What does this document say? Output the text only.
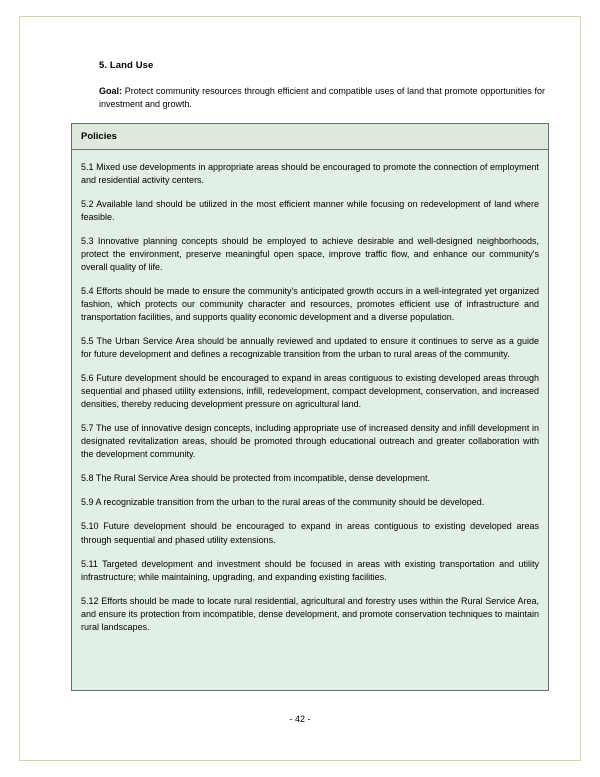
5. Land Use

Goal: Protect community resources through efficient and compatible uses of land that promote opportunities for investment and growth.

Policies

5.1 Mixed use developments in appropriate areas should be encouraged to promote the connection of employment and residential activity centers.

5.2 Available land should be utilized in the most efficient manner while focusing on redevelopment of land where feasible.

5.3 Innovative planning concepts should be employed to achieve desirable and well-designed neighborhoods, protect the environment, preserve meaningful open space, improve traffic flow, and enhance our community's overall quality of life.

5.4 Efforts should be made to ensure the community's anticipated growth occurs in a well-integrated yet organized fashion, which protects our community character and resources, promotes efficient use of infrastructure and transportation facilities, and supports quality economic development and a diverse population.

5.5 The Urban Service Area should be annually reviewed and updated to ensure it continues to serve as a guide for future development and defines a recognizable transition from the urban to rural areas of the community.

5.6 Future development should be encouraged to expand in areas contiguous to existing developed areas through sequential and phased utility extensions, infill, redevelopment, compact development, conservation, and increased densities, thereby reducing development pressure on agricultural land.

5.7 The use of innovative design concepts, including appropriate use of increased density and infill development in designated revitalization areas, should be promoted through educational outreach and greater collaboration with the development community.

5.8 The Rural Service Area should be protected from incompatible, dense development.

5.9 A recognizable transition from the urban to the rural areas of the community should be developed.

5.10 Future development should be encouraged to expand in areas contiguous to existing developed areas through sequential and phased utility extensions.

5.11 Targeted development and investment should be focused in areas with existing transportation and utility infrastructure; while maintaining, upgrading, and expanding existing facilities.

5.12 Efforts should be made to locate rural residential, agricultural and forestry uses within the Rural Service Area, and ensure its protection from incompatible, dense development, and promote conservation techniques to maintain rural landscapes.

- 42 -
